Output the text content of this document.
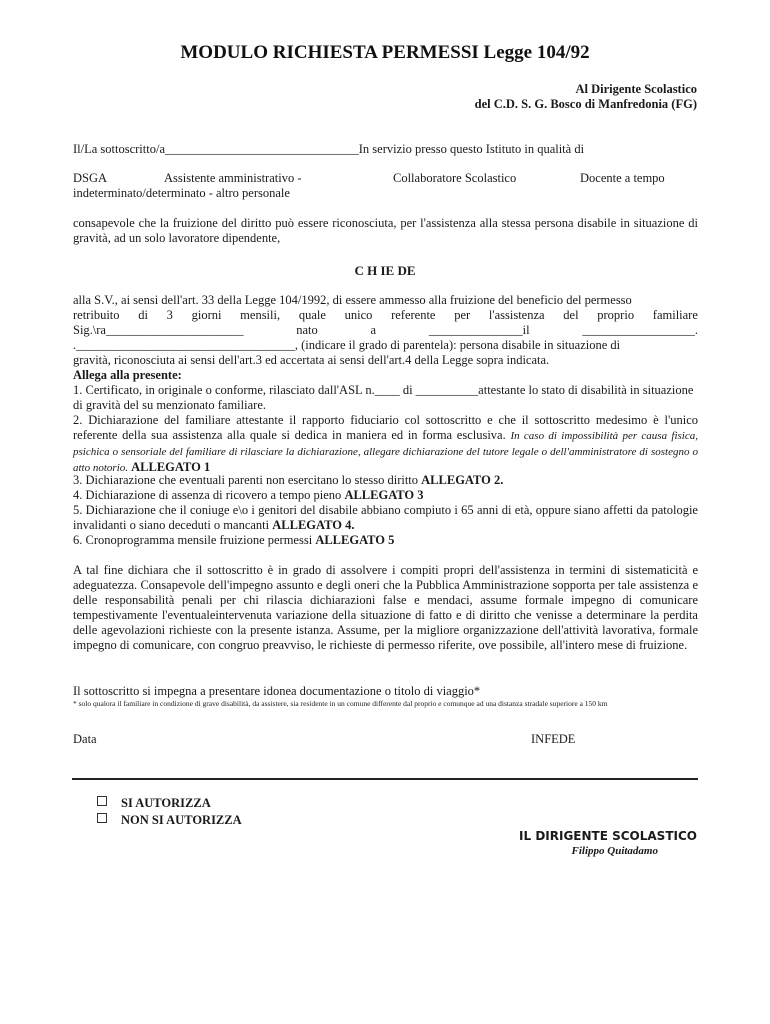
MODULO RICHIESTA PERMESSI Legge 104/92
Al Dirigente Scolastico
del C.D. S. G. Bosco di Manfredonia (FG)
Il/La sottoscritto/a_______________________________In servizio presso questo Istituto in qualità di
DSGA	Assistente amministrativo -	Collaboratore Scolastico	Docente a tempo
indeterminato/determinato - altro personale
consapevole che la fruizione del diritto può essere riconosciuta, per l'assistenza alla stessa persona disabile in situazione di gravità, ad un solo lavoratore dipendente,
C H IE DE
alla S.V., ai sensi dell'art. 33 della Legge 104/1992, di essere ammesso alla fruizione del beneficio del permesso
retribuito di 3 giorni mensili, quale unico referente per l'assistenza del proprio familiare
Sig.\ra______________________	nato	a	_______________il	__________________.
.___________________________________, (indicare il grado di parentela): persona disabile in situazione di
gravità, riconosciuta ai sensi dell'art.3 ed accertata ai sensi dell'art.4 della Legge sopra indicata.
Allega alla presente:
1. Certificato, in originale o conforme, rilasciato dall'ASL n.____ di __________attestante lo stato di disabilità in situazione di gravità del su menzionato familiare.
2. Dichiarazione del familiare attestante il rapporto fiduciario col sottoscritto e che il sottoscritto medesimo è l'unico referente della sua assistenza alla quale si dedica in maniera ed in forma esclusiva. In caso di impossibilità per causa fisica, psichica o sensoriale del familiare di rilasciare la dichiarazione, allegare dichiarazione del tutore legale o dell'amministratore di sostegno o atto notorio. ALLEGATO 1
3. Dichiarazione che eventuali parenti non esercitano lo stesso diritto ALLEGATO 2.
4. Dichiarazione di assenza di ricovero a tempo pieno ALLEGATO 3
5. Dichiarazione che il coniuge e\o i genitori del disabile abbiano compiuto i 65 anni di età, oppure siano affetti da patologie invalidanti o siano deceduti o mancanti ALLEGATO 4.
6. Cronoprogramma mensile fruizione permessi ALLEGATO 5
A tal fine dichiara che il sottoscritto è in grado di assolvere i compiti propri dell'assistenza in termini di sistematicità e adeguatezza. Consapevole dell'impegno assunto e degli oneri che la Pubblica Amministrazione sopporta per tale assistenza e delle responsabilità penali per chi rilascia dichiarazioni false e mendaci, assume formale impegno di comunicare tempestivamente l'eventualeintervenuta variazione della situazione di fatto e di diritto che venisse a determinare la perdita delle agevolazioni richieste con la presente istanza. Assume, per la migliore organizzazione dell'attività lavorativa, formale impegno di comunicare, con congruo preavviso, le richieste di permesso riferite, ove possibile, all'intero mese di fruizione.
Il sottoscritto si impegna a presentare idonea documentazione o titolo di viaggio*
* solo qualora il familiare in condizione di grave disabilità, da assistere, sia residente in un comune differente dal proprio e comunque ad una distanza stradale superiore a 150 km
Data	INFEDE
SI AUTORIZZA
NON SI AUTORIZZA
IL DIRIGENTE SCOLASTICO
Filippo Quitadamo
